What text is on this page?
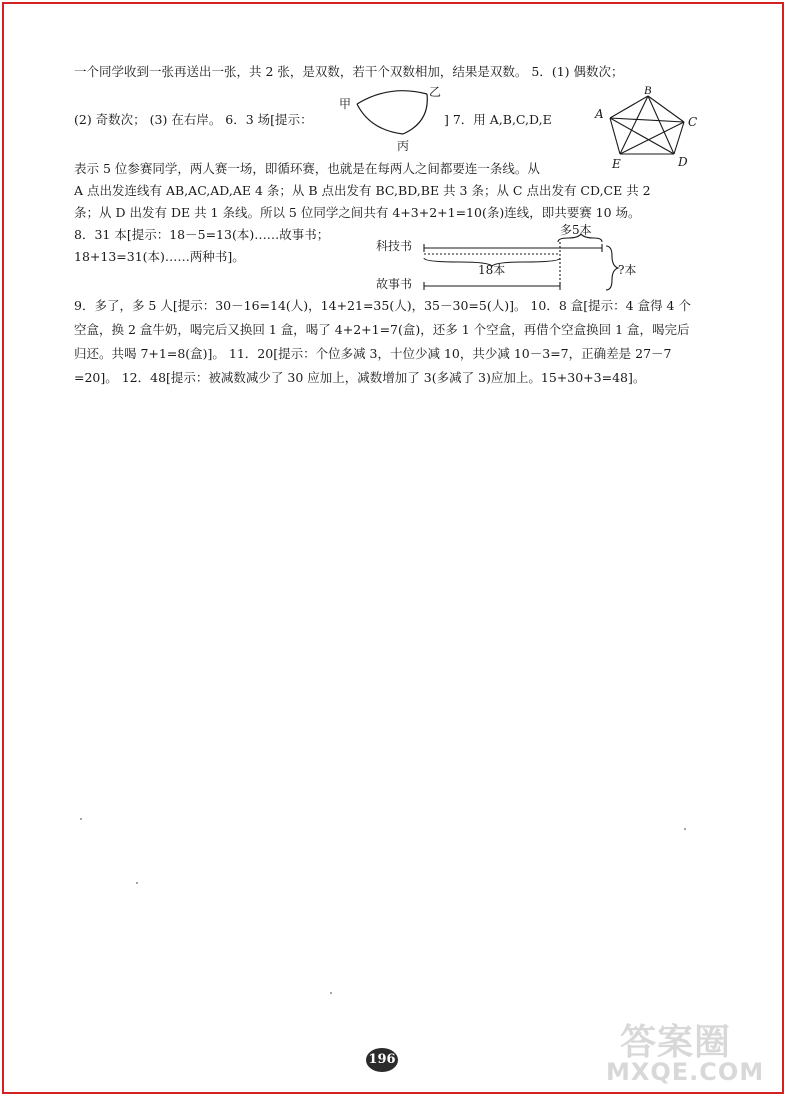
一个同学收到一张再送出一张，共 2 张，是双数，若干个双数相加，结果是双数。 5．(1) 偶数次；
(2) 奇数次； (3) 在右岸。 6．3 场[提示：	] 7．用 A,B,C,D,E
甲
乙
丙
B
C
D
E
A
表示 5 位参赛同学，两人赛一场，即循环赛，也就是在每两人之间都要连一条线。从
A 点出发连线有 AB,AC,AD,AE 4 条；从 B 点出发有 BC,BD,BE 共 3 条；从 C 点出发有 CD,CE 共 2
条；从 D 出发有 DE 共 1 条线。所以 5 位同学之间共有 4+3+2+1=10(条)连线，即共要赛 10 场。
8．31 本[提示：18－5=13(本)……故事书；
18+13=31(本)……两种书]。
科技书
故事书
多5本
18本	?本
9．多了，多 5 人[提示：30－16=14(人)，14+21=35(人)，35－30=5(人)]。 10．8 盒[提示：4 盒得 4 个
空盒，换 2 盒牛奶，喝完后又换回 1 盒，喝了 4+2+1=7(盒)，还多 1 个空盒，再借个空盒换回 1 盒，喝完后
归还。共喝 7+1=8(盒)]。 11．20[提示：个位多减 3，十位少减 10，共少减 10－3=7，正确差是 27－7
=20]。 12．48[提示：被减数减少了 30 应加上，减数增加了 3(多减了 3)应加上。15+30+3=48]。
196	答案圈
MXQE.COM
